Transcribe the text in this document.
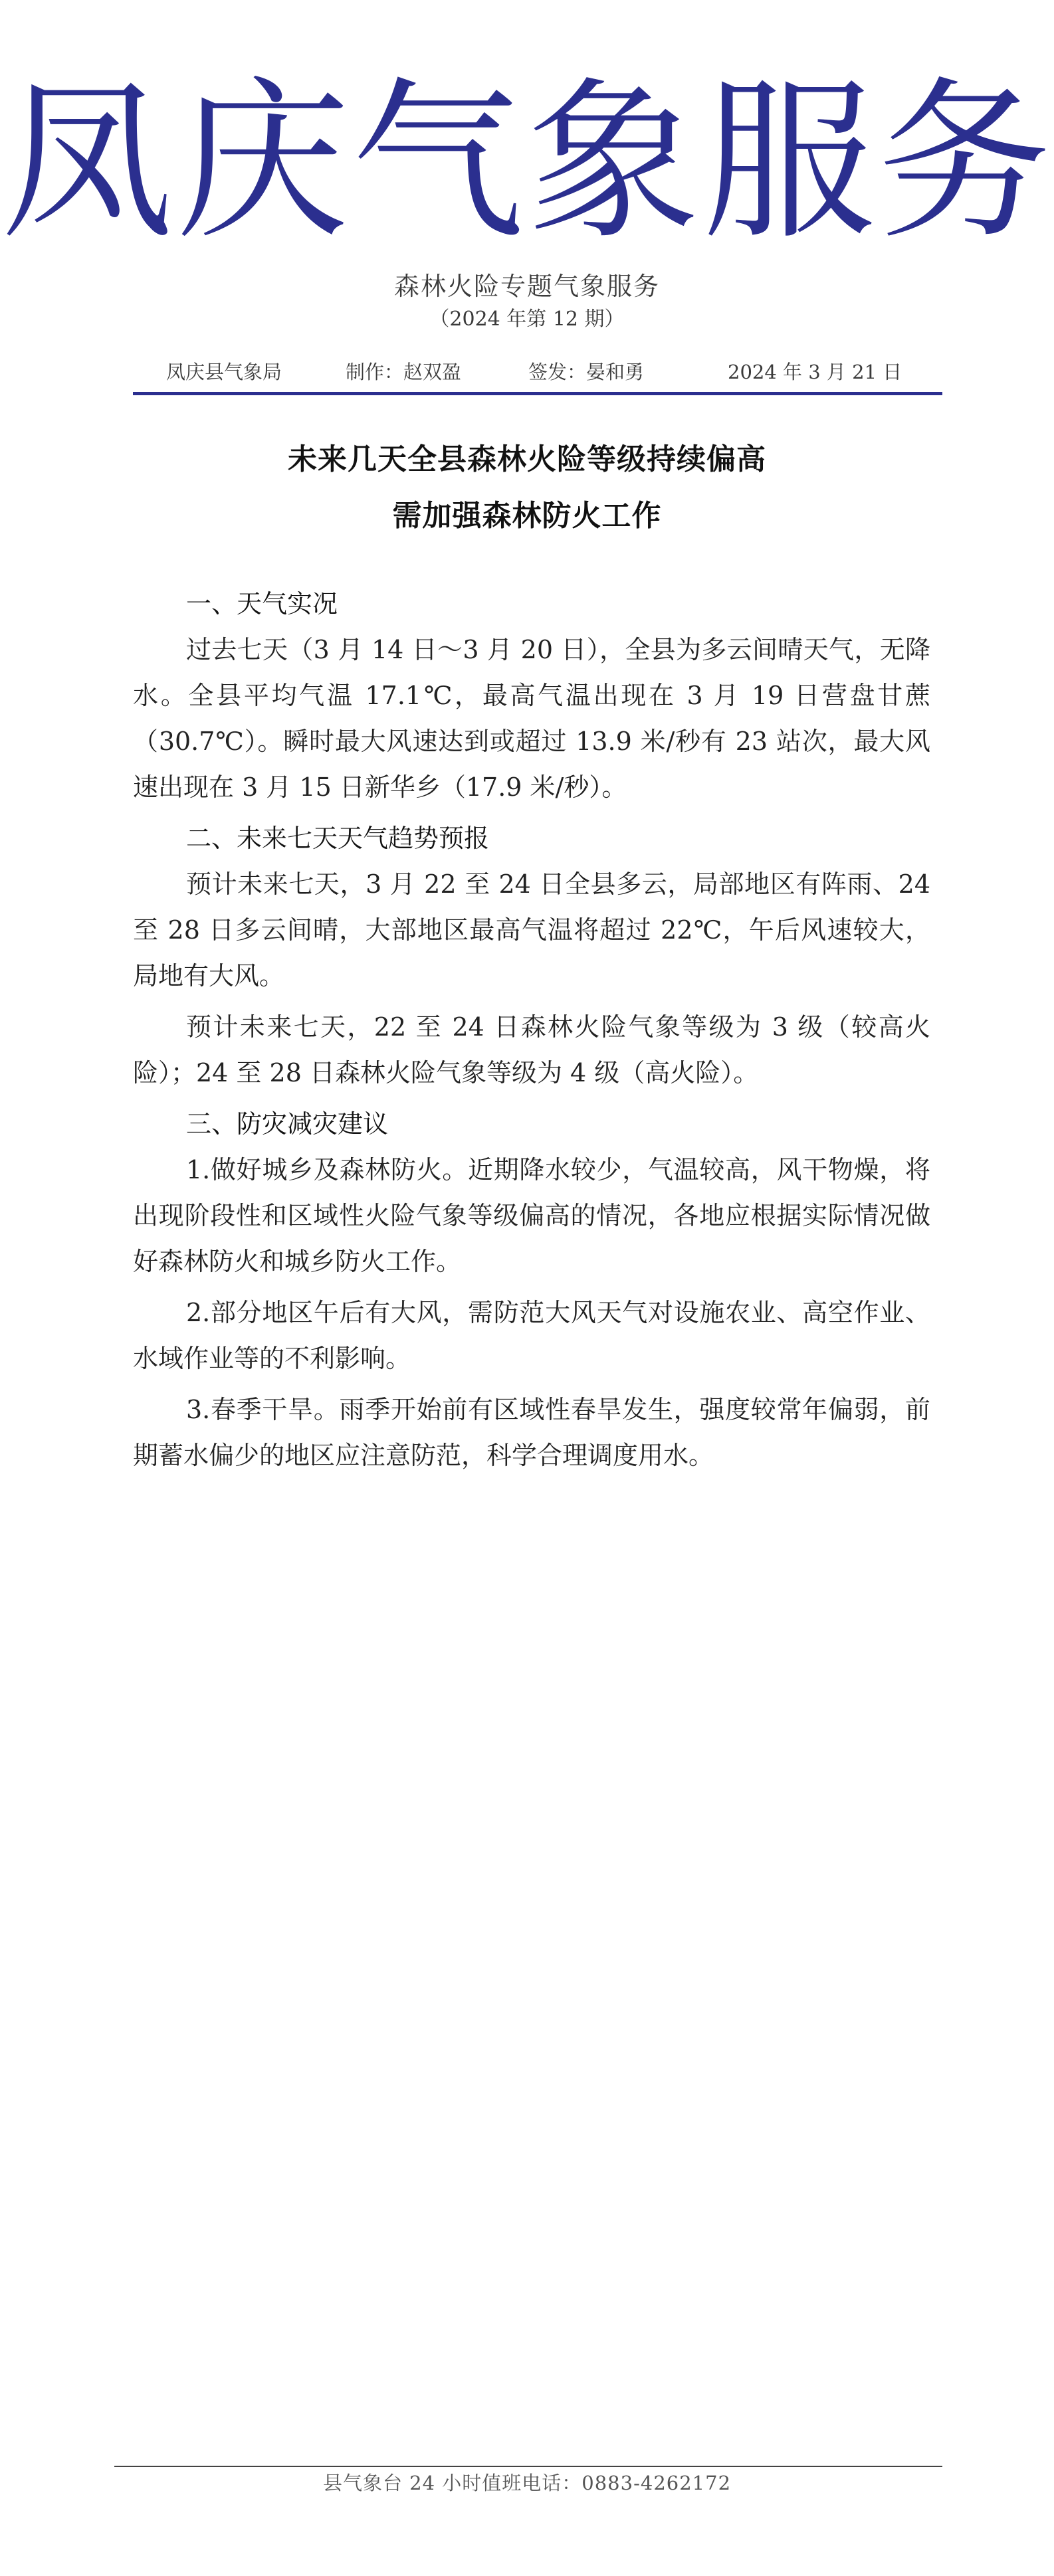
凤庆气象服务
森林火险专题气象服务
（2024 年第 12 期）
凤庆县气象局	制作：赵双盈	签发：晏和勇	2024 年 3 月 21 日
未来几天全县森林火险等级持续偏高
需加强森林防火工作

一、天气实况

过去七天（3 月 14 日～3 月 20 日），全县为多云间晴天气，无降水。全县平均气温 17.1℃，最高气温出现在 3 月 19 日营盘甘蔗（30.7℃）。瞬时最大风速达到或超过 13.9 米/秒有 23 站次，最大风速出现在 3 月 15 日新华乡（17.9 米/秒）。

二、未来七天天气趋势预报

预计未来七天，3 月 22 至 24 日全县多云，局部地区有阵雨、24 至 28 日多云间晴，大部地区最高气温将超过 22℃，午后风速较大，局地有大风。

预计未来七天，22 至 24 日森林火险气象等级为 3 级（较高火险）；24 至 28 日森林火险气象等级为 4 级（高火险）。

三、防灾减灾建议

1.做好城乡及森林防火。近期降水较少，气温较高，风干物燥，将出现阶段性和区域性火险气象等级偏高的情况，各地应根据实际情况做好森林防火和城乡防火工作。

2.部分地区午后有大风，需防范大风天气对设施农业、高空作业、水域作业等的不利影响。

3.春季干旱。雨季开始前有区域性春旱发生，强度较常年偏弱，前期蓄水偏少的地区应注意防范，科学合理调度用水。

县气象台 24 小时值班电话：0883-4262172
